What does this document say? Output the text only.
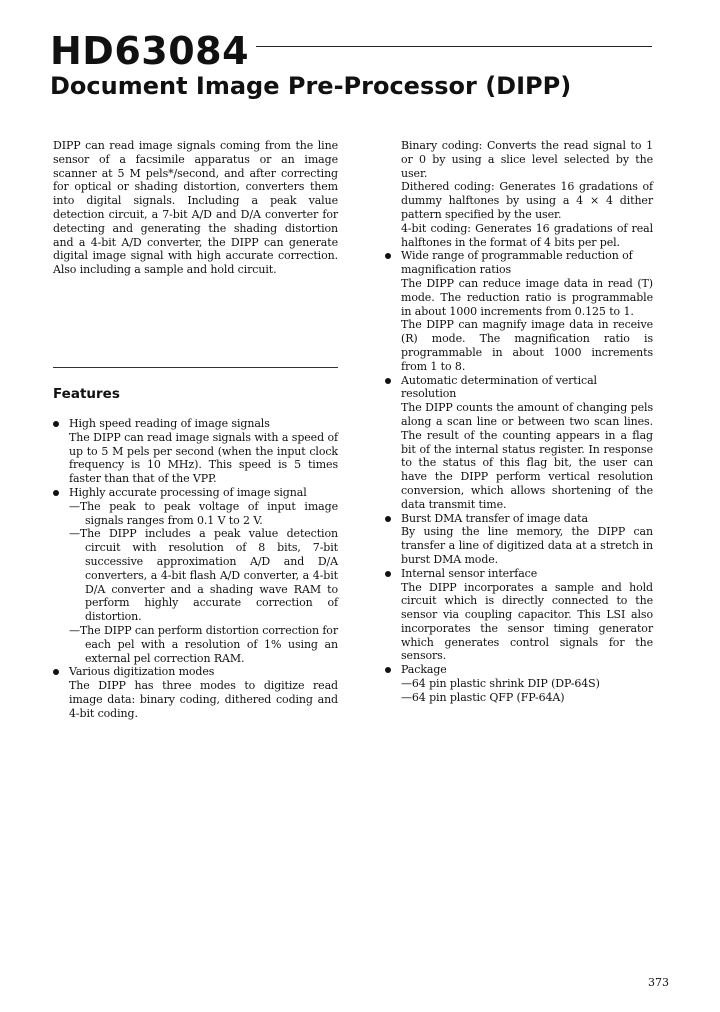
HD63084
Document Image Pre-Processor (DIPP)

DIPP can read image signals coming from the line sensor of a facsimile apparatus or an image scanner at 5 M pels*/second, and after correcting for optical or shading distortion, converters them into digital signals. Including a peak value detection circuit, a 7-bit A/D and D/A converter for detecting and generating the shading distortion and a 4-bit A/D converter, the DIPP can generate digital image signal with high accurate correction. Also including a sample and hold circuit.

Features
High speed reading of image signals
The DIPP can read image signals with a speed of up to 5 M pels per second (when the input clock frequency is 10 MHz). This speed is 5 times faster than that of the VPP.
Highly accurate processing of image signal
—The peak to peak voltage of input image signals ranges from 0.1 V to 2 V.
—The DIPP includes a peak value detection circuit with resolution of 8 bits, 7-bit successive approximation A/D and D/A converters, a 4-bit flash A/D converter, a 4-bit D/A converter and a shading wave RAM to perform highly accurate correction of distortion.
—The DIPP can perform distortion correction for each pel with a resolution of 1% using an external pel correction RAM.
Various digitization modes
The DIPP has three modes to digitize read image data: binary coding, dithered coding and 4-bit coding.
Binary coding: Converts the read signal to 1 or 0 by using a slice level selected by the user.
Dithered coding: Generates 16 gradations of dummy halftones by using a 4 × 4 dither pattern specified by the user.
4-bit coding: Generates 16 gradations of real halftones in the format of 4 bits per pel.
Wide range of programmable reduction of magnification ratios
The DIPP can reduce image data in read (T) mode. The reduction ratio is programmable in about 1000 increments from 0.125 to 1.
The DIPP can magnify image data in receive (R) mode. The magnification ratio is programmable in about 1000 increments from 1 to 8.
Automatic determination of vertical resolution
The DIPP counts the amount of changing pels along a scan line or between two scan lines. The result of the counting appears in a flag bit of the internal status register. In response to the status of this flag bit, the user can have the DIPP perform vertical resolution conversion, which allows shortening of the data transmit time.
Burst DMA transfer of image data
By using the line memory, the DIPP can transfer a line of digitized data at a stretch in burst DMA mode.
Internal sensor interface
The DIPP incorporates a sample and hold circuit which is directly connected to the sensor via coupling capacitor. This LSI also incorporates the sensor timing generator which generates control signals for the sensors.
Package
—64 pin plastic shrink DIP (DP-64S)
—64 pin plastic QFP (FP-64A)
373
